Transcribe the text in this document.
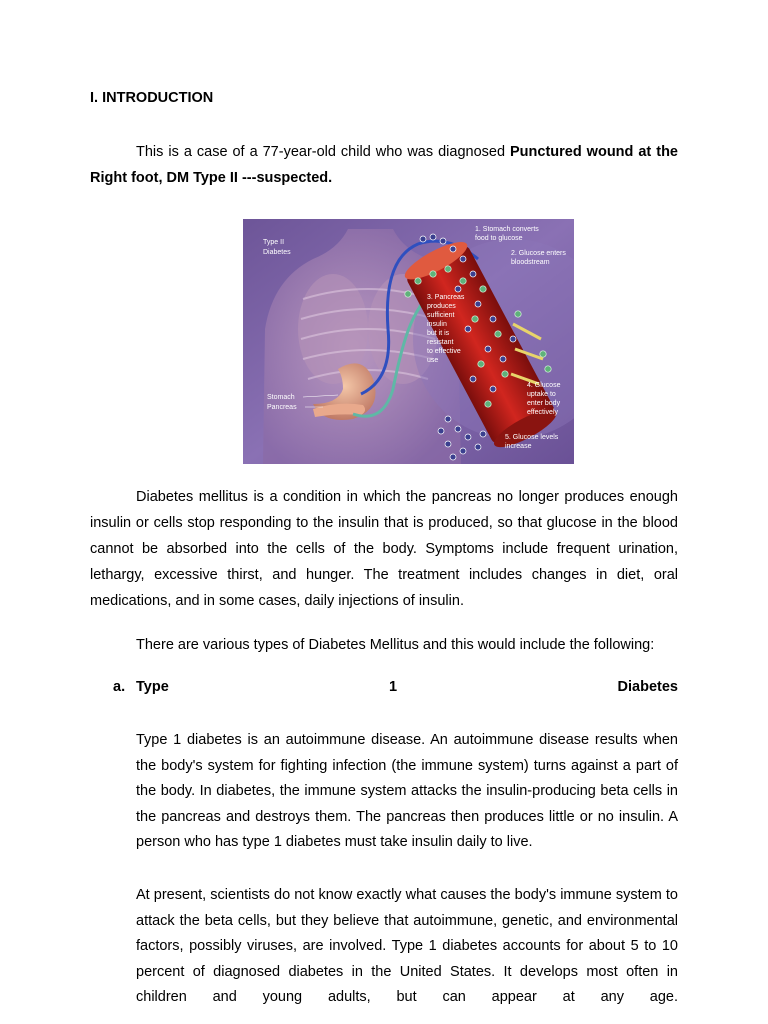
I. INTRODUCTION
This is a case of a 77-year-old child who was diagnosed Punctured wound at the Right foot, DM Type II ---suspected.
Type II
Diabetes
1. Stomach converts
food to glucose
2. Glucose enters
bloodstream
3. Pancreas
produces
sufficient
insulin
but it is
resistant
to effective
use
4. Glucose
uptake to
enter body
effectively
5. Glucose levels
increase
Stomach
Pancreas
Diabetes mellitus is a condition in which the pancreas no longer produces enough insulin or cells stop responding to the insulin that is produced, so that glucose in the blood cannot be absorbed into the cells of the body. Symptoms include frequent urination, lethargy, excessive thirst, and hunger. The treatment includes changes in diet, oral medications, and in some cases, daily injections of insulin.
There are various types of Diabetes Mellitus and this would include the following:
a. Type	1	Diabetes
Type 1 diabetes is an autoimmune disease. An autoimmune disease results when the body's system for fighting infection (the immune system) turns against a part of the body. In diabetes, the immune system attacks the insulin-producing beta cells in the pancreas and destroys them. The pancreas then produces little or no insulin. A person who has type 1 diabetes must take insulin daily to live.
At present, scientists do not know exactly what causes the body's immune system to attack the beta cells, but they believe that autoimmune, genetic, and environmental factors, possibly viruses, are involved. Type 1 diabetes accounts for about 5 to 10 percent of diagnosed diabetes in the United States. It develops most often in children and young adults, but can appear at any age.
